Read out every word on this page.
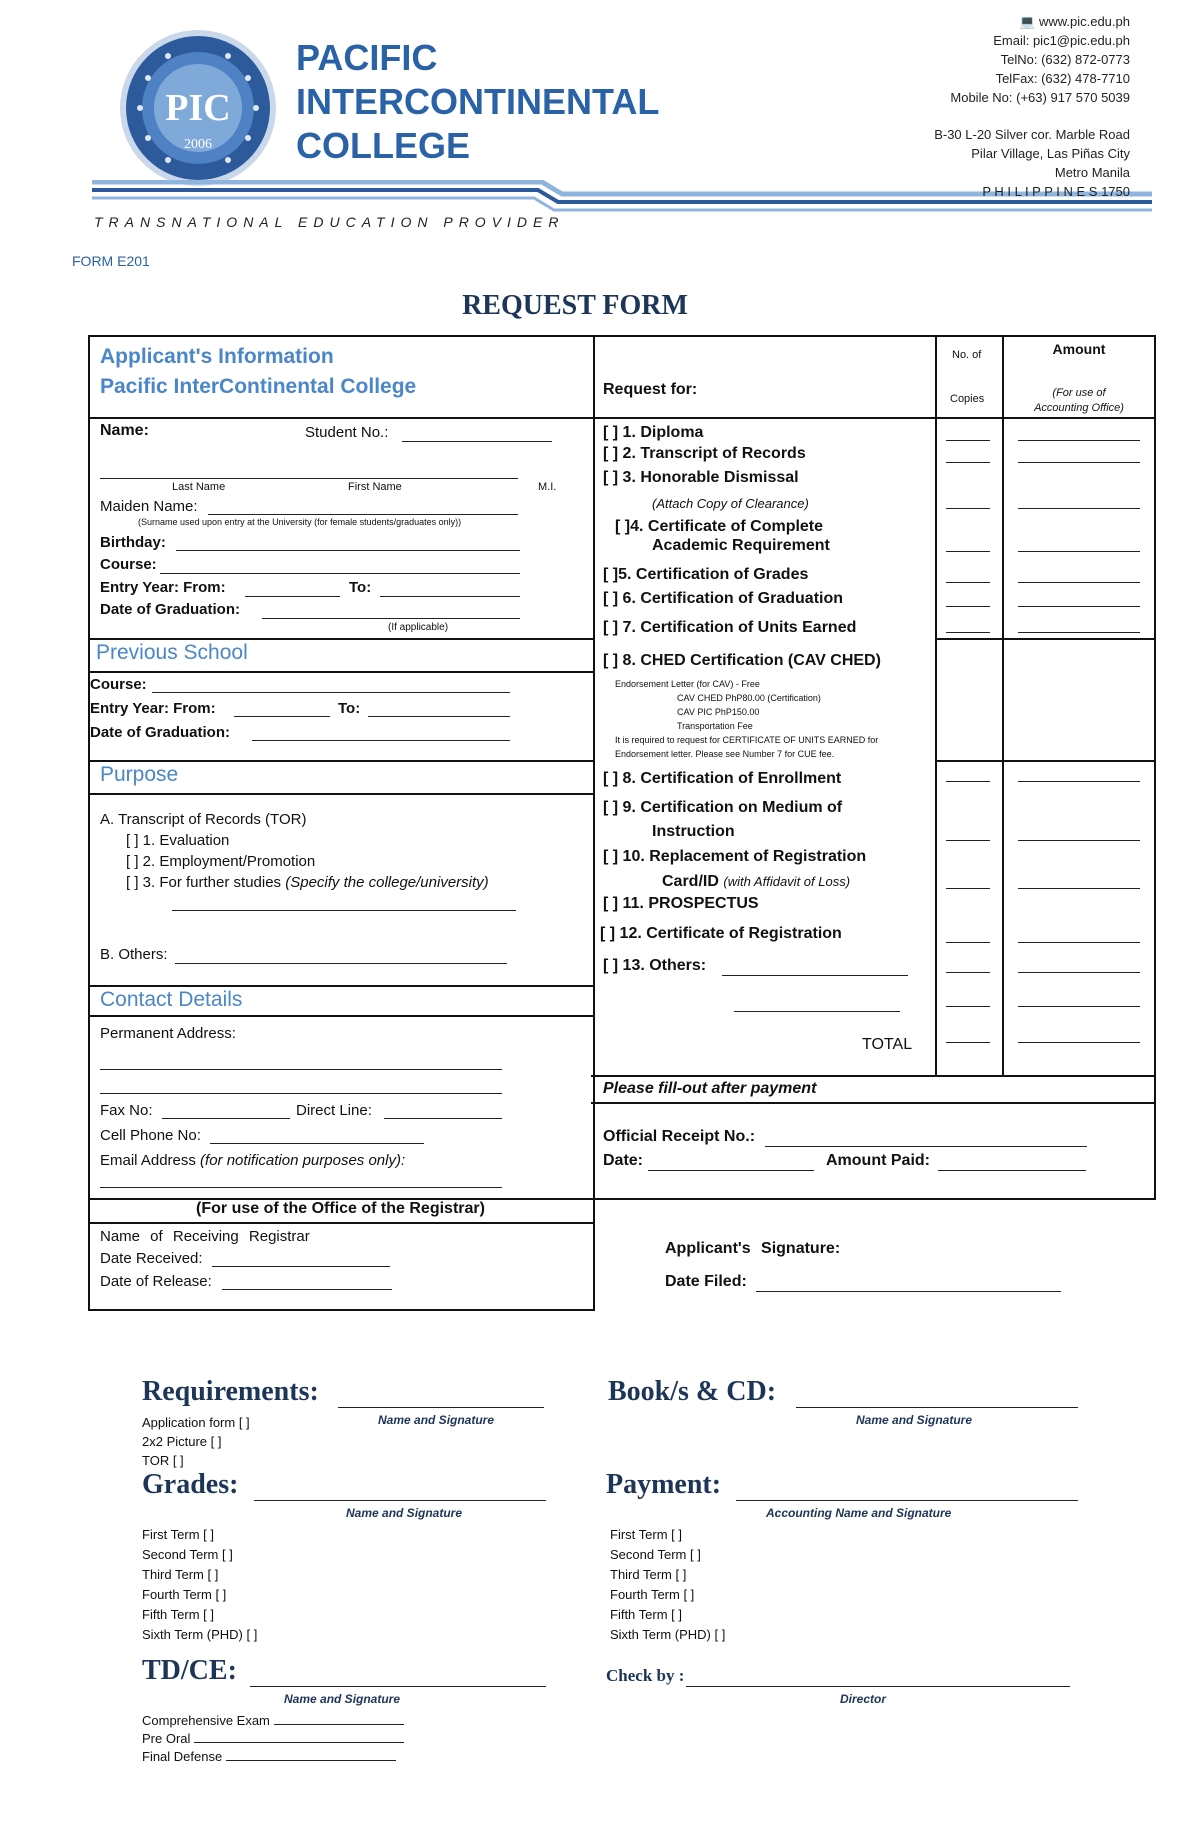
PIC
2006
PACIFIC
INTERCONTINENTAL
COLLEGE
TRANSNATIONAL EDUCATION PROVIDER
💻 www.pic.edu.ph
Email: pic1@pic.edu.ph
TelNo: (632) 872-0773
TelFax: (632) 478-7710
Mobile No: (+63) 917 570 5039
B-30 L-20 Silver cor. Marble Road
Pilar Village, Las Piñas City
Metro Manila
P H I L I P P I N E S 1750
FORM E201
REQUEST FORM
Applicant's Information
Pacific InterContinental College
Name:	Student No.:
Last Name	First Name	M.I.
Maiden Name:
(Surname used upon entry at the University (for female students/graduates only))
Birthday:
Course:
Entry Year: From:	To:
Date of Graduation:
(If applicable)
Previous School
Course:
Entry Year: From:	To:
Date of Graduation:
Purpose
A. Transcript of Records (TOR)
[ ] 1. Evaluation
[ ] 2. Employment/Promotion
[ ] 3. For further studies (Specify the college/university)
B. Others:
Contact Details
Permanent Address:
Fax No:	Direct Line:
Cell Phone No:
Email Address (for notification purposes only):
(For use of the Office of the Registrar)
Name of Receiving Registrar
Date Received:
Date of Release:
Request for:
No. of
Copies
Amount
(For use of
Accounting Office)
[ ] 1. Diploma
[ ] 2. Transcript of Records
[ ] 3. Honorable Dismissal
(Attach Copy of Clearance)
[ ]4. Certificate of Complete
Academic Requirement
[ ]5. Certification of Grades
[ ] 6. Certification of Graduation
[ ] 7. Certification of Units Earned
[ ] 8. CHED Certification (CAV CHED)
Endorsement Letter (for CAV) - Free
CAV CHED PhP80.00 (Certification)
CAV PIC PhP150.00
Transportation Fee
It is required to request for CERTIFICATE OF UNITS EARNED for
Endorsement letter. Please see Number 7 for CUE fee.
[ ] 8. Certification of Enrollment
[ ] 9. Certification on Medium of
Instruction
[ ] 10. Replacement of Registration
Card/ID (with Affidavit of Loss)
[ ] 11. PROSPECTUS
[ ] 12. Certificate of Registration
[ ] 13. Others:
TOTAL
Please fill-out after payment
Official Receipt No.:
Date:	Amount Paid:
Applicant's Signature:
Date Filed:
Requirements:
Name and Signature
Application form [ ]
2x2 Picture [ ]
TOR [ ]
Book/s & CD:
Name and Signature
Grades:
Name and Signature
First Term [ ]
Second Term [ ]
Third Term [ ]
Fourth Term [ ]
Fifth Term [ ]
Sixth Term (PHD) [ ]
Payment:
Accounting Name and Signature
First Term [ ]
Second Term [ ]
Third Term [ ]
Fourth Term [ ]
Fifth Term [ ]
Sixth Term (PHD) [ ]
TD/CE:
Name and Signature
Comprehensive Exam
Pre Oral
Final Defense
Check by :
Director
